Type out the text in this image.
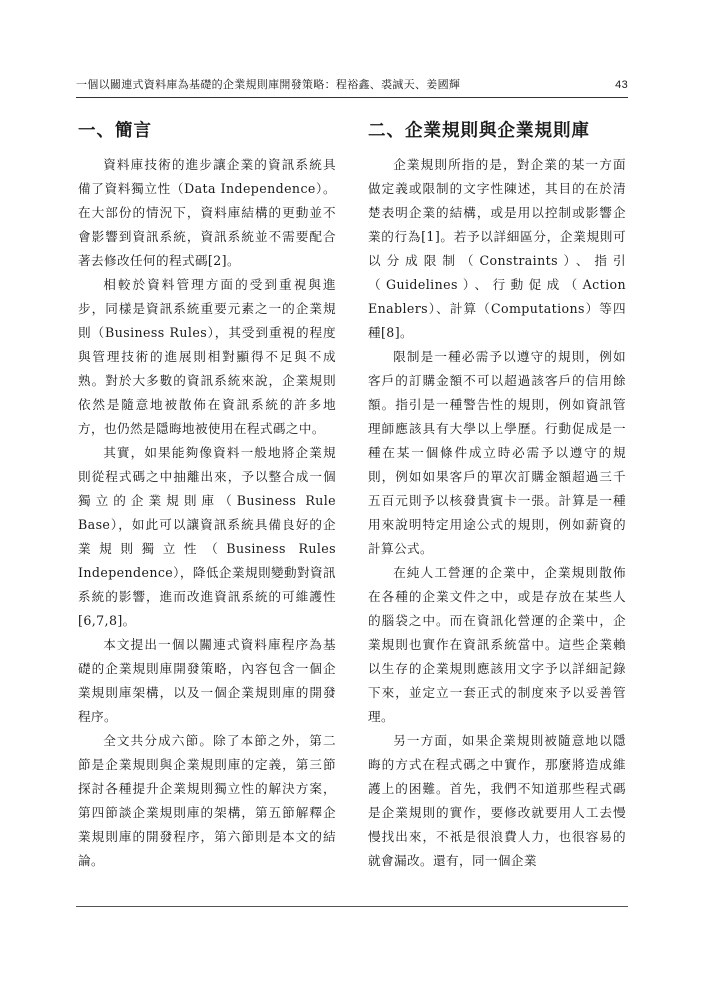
一個以關連式資料庫為基礎的企業規則庫開發策略：程裕鑫、裘誠天、姜國輝	43
一、簡言

資料庫技術的進步讓企業的資訊系統具備了資料獨立性（Data Independence）。在大部份的情況下，資料庫結構的更動並不會影響到資訊系統，資訊系統並不需要配合著去修改任何的程式碼[2]。

相較於資料管理方面的受到重視與進步，同樣是資訊系統重要元素之一的企業規則（Business Rules），其受到重視的程度與管理技術的進展則相對顯得不足與不成熟。對於大多數的資訊系統來說，企業規則依然是隨意地被散佈在資訊系統的許多地方，也仍然是隱晦地被使用在程式碼之中。

其實，如果能夠像資料一般地將企業規則從程式碼之中抽離出來，予以整合成一個獨立的企業規則庫（Business Rule Base），如此可以讓資訊系統具備良好的企業規則獨立性（Business Rules Independence），降低企業規則變動對資訊系統的影響，進而改進資訊系統的可維護性[6,7,8]。

本文提出一個以關連式資料庫程序為基礎的企業規則庫開發策略，內容包含一個企業規則庫架構，以及一個企業規則庫的開發程序。

全文共分成六節。除了本節之外，第二節是企業規則與企業規則庫的定義，第三節探討各種提升企業規則獨立性的解決方案，第四節談企業規則庫的架構，第五節解釋企業規則庫的開發程序，第六節則是本文的結論。

二、企業規則與企業規則庫

企業規則所指的是，對企業的某一方面做定義或限制的文字性陳述，其目的在於清楚表明企業的結構，或是用以控制或影響企業的行為[1]。若予以詳細區分，企業規則可以分成限制（Constraints）、指引（Guidelines）、行動促成（Action Enablers）、計算（Computations）等四種[8]。

限制是一種必需予以遵守的規則，例如客戶的訂購金額不可以超過該客戶的信用餘額。指引是一種警告性的規則，例如資訊管理師應該具有大學以上學歷。行動促成是一種在某一個條件成立時必需予以遵守的規則，例如如果客戶的單次訂購金額超過三千五百元則予以核發貴賓卡一張。計算是一種用來說明特定用途公式的規則，例如薪資的計算公式。

在純人工營運的企業中，企業規則散佈在各種的企業文件之中，或是存放在某些人的腦袋之中。而在資訊化營運的企業中，企業規則也實作在資訊系統當中。這些企業賴以生存的企業規則應該用文字予以詳細記錄下來，並定立一套正式的制度來予以妥善管理。

另一方面，如果企業規則被隨意地以隱晦的方式在程式碼之中實作，那麼將造成維護上的困難。首先，我們不知道那些程式碼是企業規則的實作，要修改就要用人工去慢慢找出來，不祇是很浪費人力，也很容易的就會漏改。還有，同一個企業
